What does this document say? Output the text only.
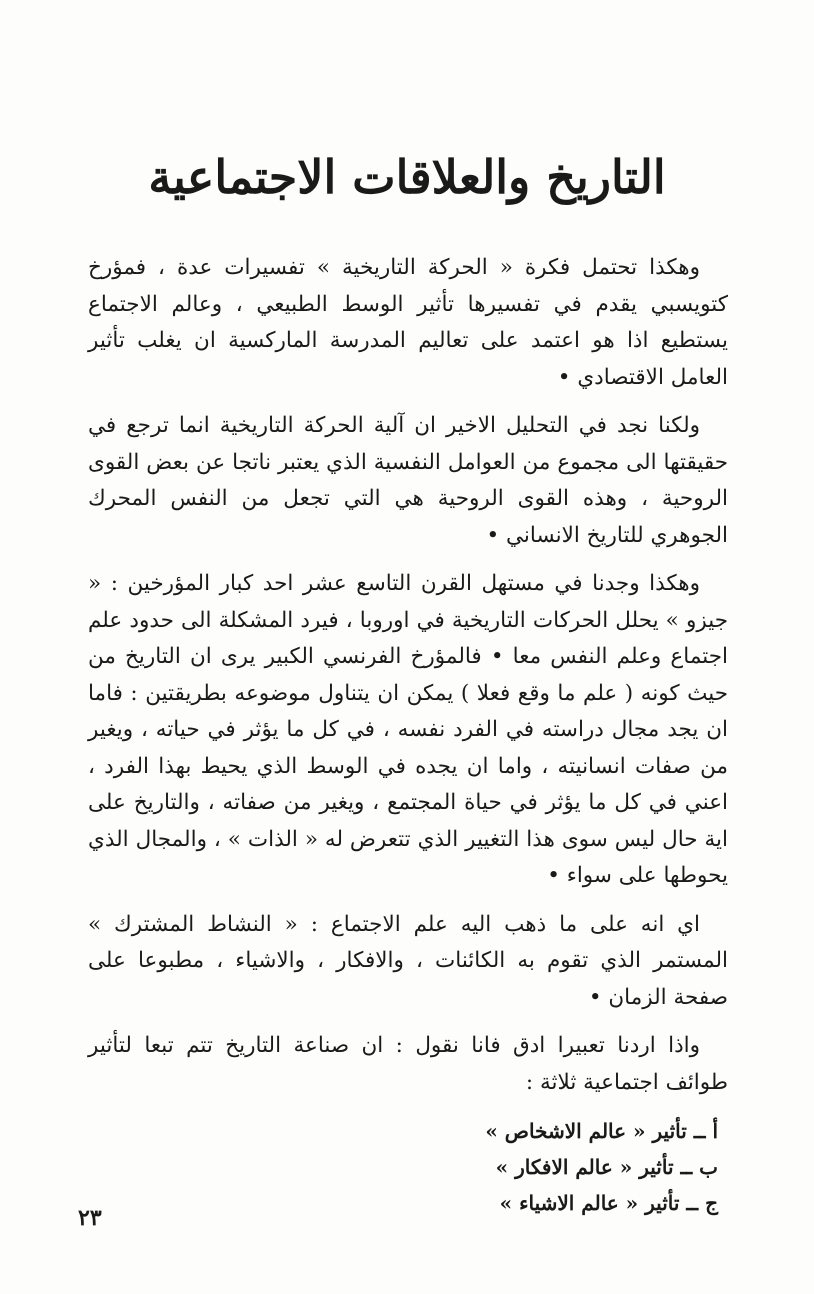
التاريخ والعلاقات الاجتماعية

وهكذا تحتمل فكرة « الحركة التاريخية » تفسيرات عدة ، فمؤرخ كتويسبي يقدم في تفسيرها تأثير الوسط الطبيعي ، وعالم الاجتماع يستطيع اذا هو اعتمد على تعاليم المدرسة الماركسية ان يغلب تأثير العامل الاقتصادي •

ولكنا نجد في التحليل الاخير ان آلية الحركة التاريخية انما ترجع في حقيقتها الى مجموع من العوامل النفسية الذي يعتبر ناتجا عن بعض القوى الروحية ، وهذه القوى الروحية هي التي تجعل من النفس المحرك الجوهري للتاريخ الانساني •

وهكذا وجدنا في مستهل القرن التاسع عشر احد كبار المؤرخين : « جيزو » يحلل الحركات التاريخية في اوروبا ، فيرد المشكلة الى حدود علم اجتماع وعلم النفس معا • فالمؤرخ الفرنسي الكبير يرى ان التاريخ من حيث كونه ( علم ما وقع فعلا ) يمكن ان يتناول موضوعه بطريقتين : فاما ان يجد مجال دراسته في الفرد نفسه ، في كل ما يؤثر في حياته ، ويغير من صفات انسانيته ، واما ان يجده في الوسط الذي يحيط بهذا الفرد ، اعني في كل ما يؤثر في حياة المجتمع ، ويغير من صفاته ، والتاريخ على اية حال ليس سوى هذا التغيير الذي تتعرض له « الذات » ، والمجال الذي يحوطها على سواء •

اي انه على ما ذهب اليه علم الاجتماع : « النشاط المشترك » المستمر الذي تقوم به الكائنات ، والافكار ، والاشياء ، مطبوعا على صفحة الزمان •

واذا اردنا تعبيرا ادق فانا نقول : ان صناعة التاريخ تتم تبعا لتأثير طوائف اجتماعية ثلاثة :

أ ــ تأثير « عالم الاشخاص »
ب ــ تأثير « عالم الافكار »
ج ــ تأثير « عالم الاشياء »
٢٣
